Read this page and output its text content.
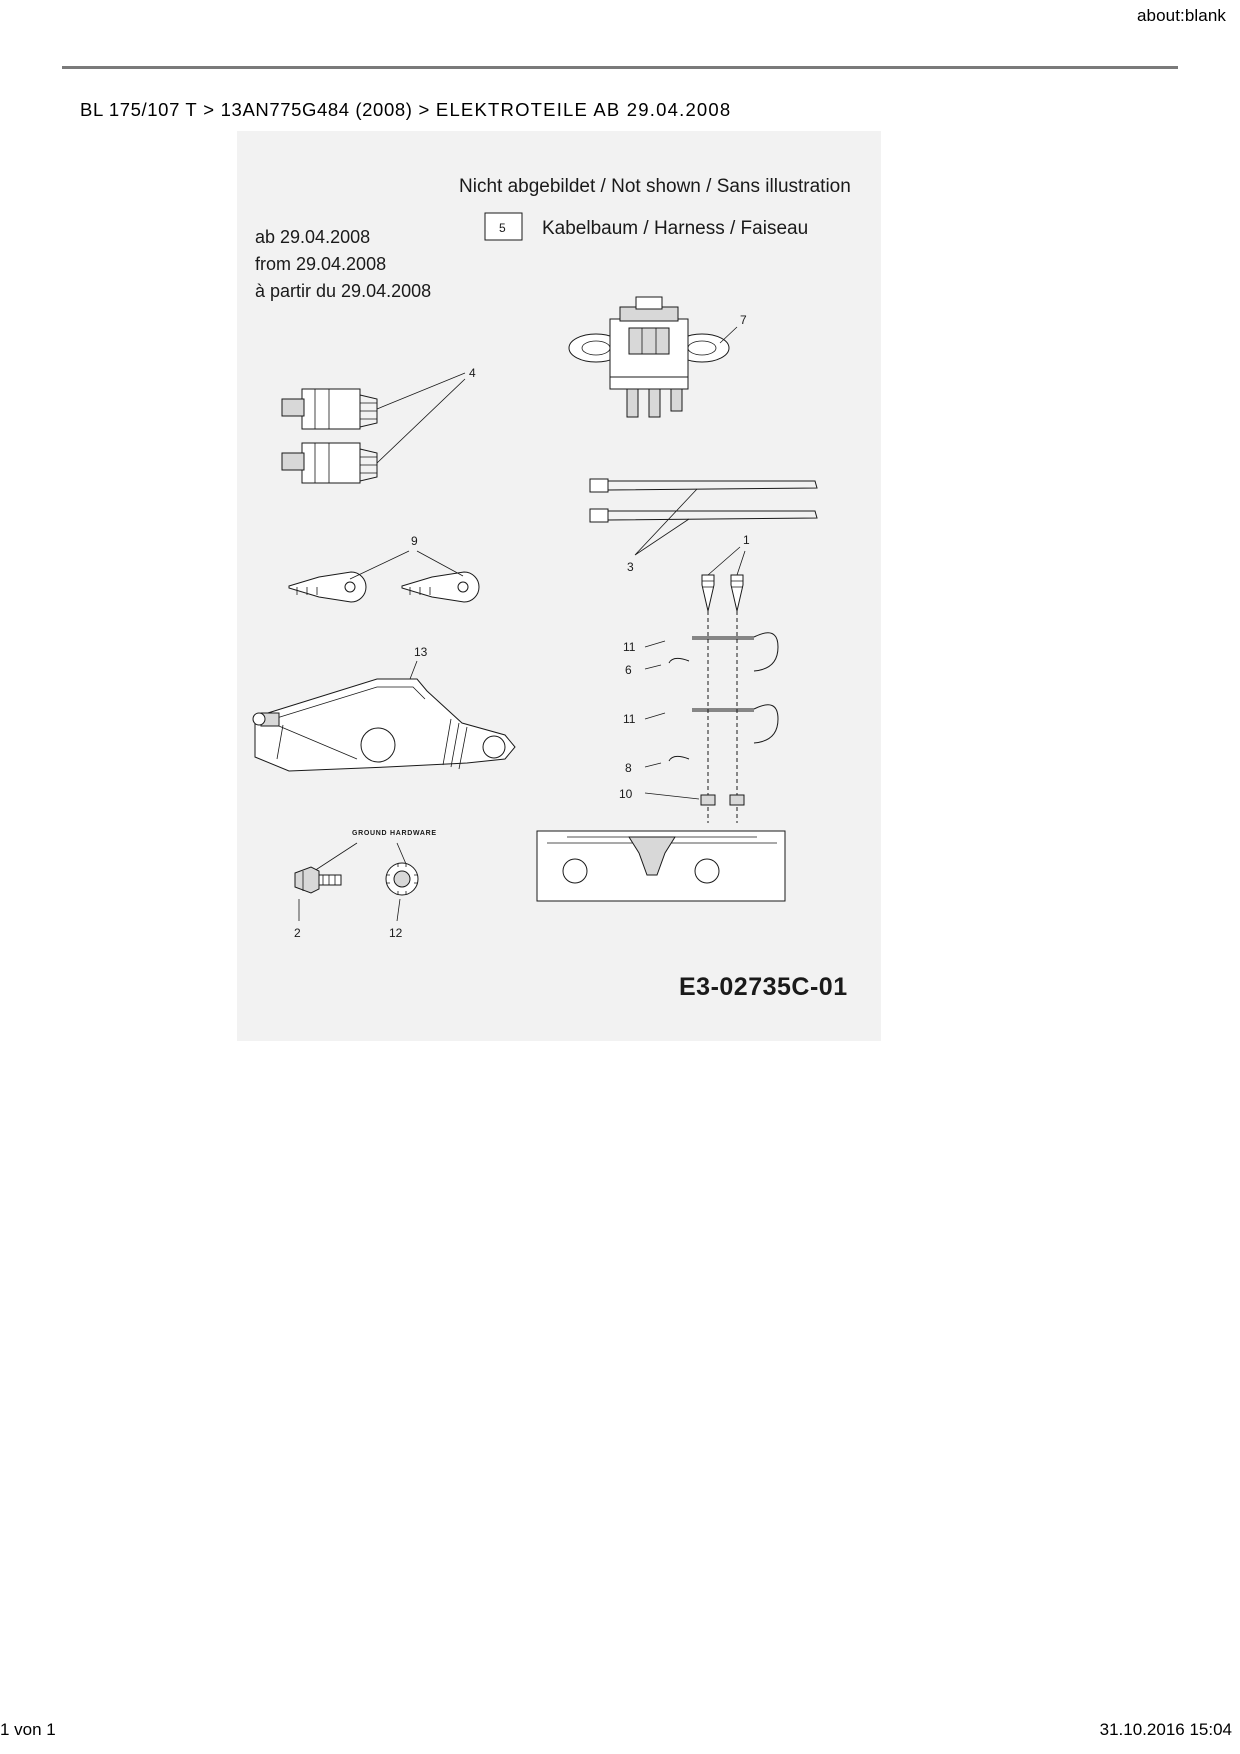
about:blank
BL 175/107 T > 13AN775G484 (2008) > ELEKTROTEILE AB 29.04.2008
Nicht abgebildet / Not shown / Sans illustration
5 Kabelbaum / Harness / Faiseau
ab 29.04.2008
from 29.04.2008
à partir du 29.04.2008
4
7
3
1
9
13	11
6
11
8
10
GROUND HARDWARE
2	12
E3-02735C-01
1 von 1	31.10.2016 15:04
